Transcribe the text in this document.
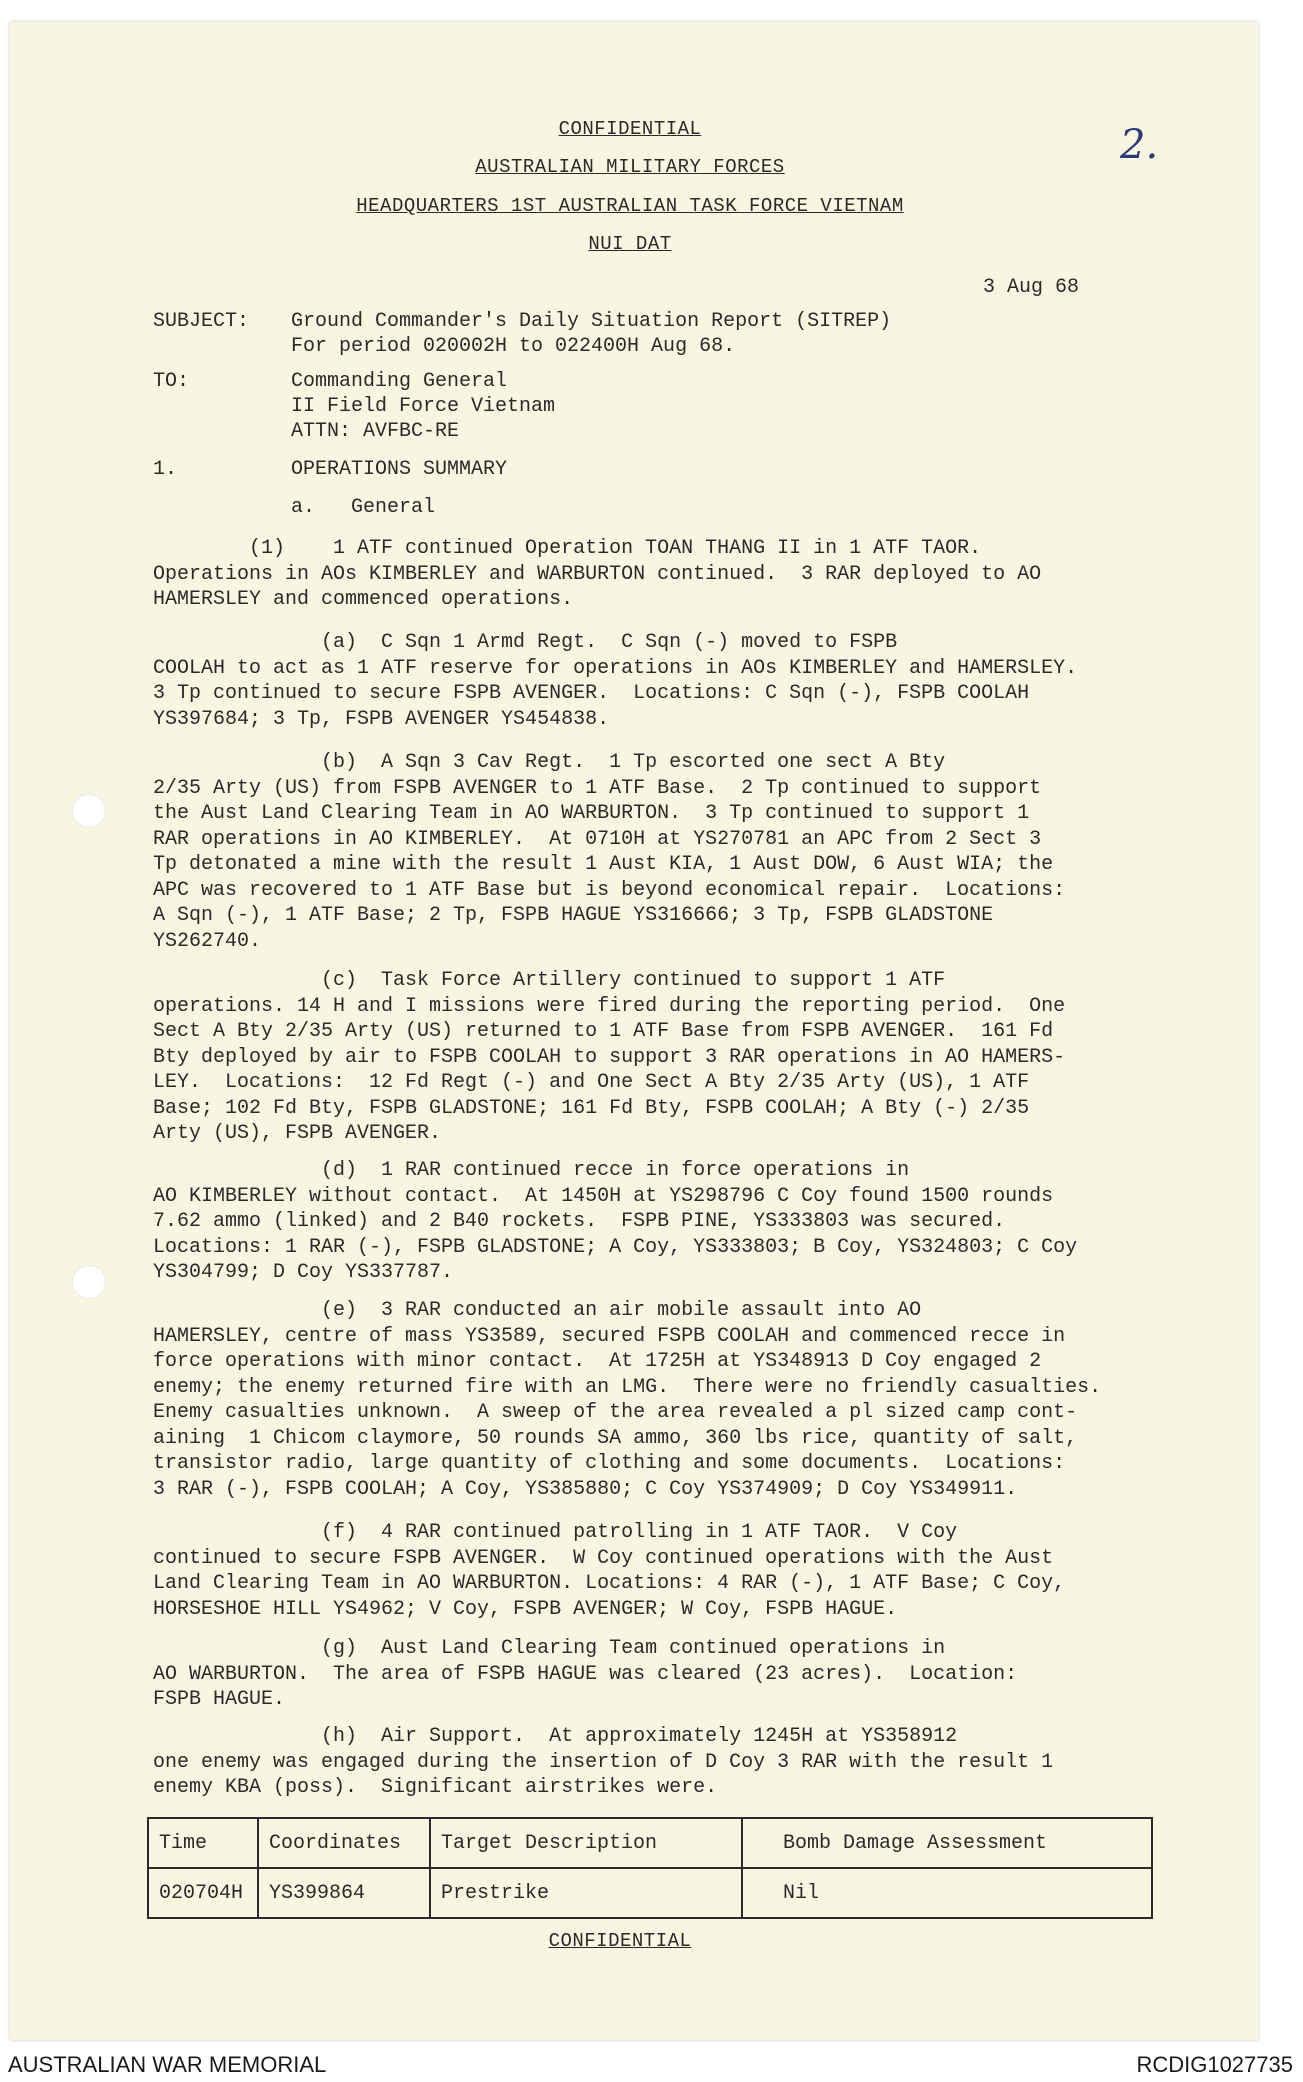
2.
CONFIDENTIAL
AUSTRALIAN MILITARY FORCES
HEADQUARTERS 1ST AUSTRALIAN TASK FORCE VIETNAM
NUI DAT
3 Aug 68
SUBJECT: Ground Commander's Daily Situation Report (SITREP)
For period 020002H to 022400H Aug 68.
TO:	Commanding General
II Field Force Vietnam
ATTN: AVFBC-RE
1.	OPERATIONS SUMMARY
a.   General
(1)    1 ATF continued Operation TOAN THANG II in 1 ATF TAOR.
Operations in AOs KIMBERLEY and WARBURTON continued.  3 RAR deployed to AO
HAMERSLEY and commenced operations.
(a)  C Sqn 1 Armd Regt.  C Sqn (-) moved to FSPB
COOLAH to act as 1 ATF reserve for operations in AOs KIMBERLEY and HAMERSLEY.
3 Tp continued to secure FSPB AVENGER.  Locations: C Sqn (-), FSPB COOLAH
YS397684; 3 Tp, FSPB AVENGER YS454838.
(b)  A Sqn 3 Cav Regt.  1 Tp escorted one sect A Bty
2/35 Arty (US) from FSPB AVENGER to 1 ATF Base.  2 Tp continued to support
the Aust Land Clearing Team in AO WARBURTON.  3 Tp continued to support 1
RAR operations in AO KIMBERLEY.  At 0710H at YS270781 an APC from 2 Sect 3
Tp detonated a mine with the result 1 Aust KIA, 1 Aust DOW, 6 Aust WIA; the
APC was recovered to 1 ATF Base but is beyond economical repair.  Locations:
A Sqn (-), 1 ATF Base; 2 Tp, FSPB HAGUE YS316666; 3 Tp, FSPB GLADSTONE
YS262740.
(c)  Task Force Artillery continued to support 1 ATF
operations. 14 H and I missions were fired during the reporting period.  One
Sect A Bty 2/35 Arty (US) returned to 1 ATF Base from FSPB AVENGER.  161 Fd
Bty deployed by air to FSPB COOLAH to support 3 RAR operations in AO HAMERS-
LEY.  Locations:  12 Fd Regt (-) and One Sect A Bty 2/35 Arty (US), 1 ATF
Base; 102 Fd Bty, FSPB GLADSTONE; 161 Fd Bty, FSPB COOLAH; A Bty (-) 2/35
Arty (US), FSPB AVENGER.
(d)  1 RAR continued recce in force operations in
AO KIMBERLEY without contact.  At 1450H at YS298796 C Coy found 1500 rounds
7.62 ammo (linked) and 2 B40 rockets.  FSPB PINE, YS333803 was secured.
Locations: 1 RAR (-), FSPB GLADSTONE; A Coy, YS333803; B Coy, YS324803; C Coy
YS304799; D Coy YS337787.
(e)  3 RAR conducted an air mobile assault into AO
HAMERSLEY, centre of mass YS3589, secured FSPB COOLAH and commenced recce in
force operations with minor contact.  At 1725H at YS348913 D Coy engaged 2
enemy; the enemy returned fire with an LMG.  There were no friendly casualties.
Enemy casualties unknown.  A sweep of the area revealed a pl sized camp cont-
aining  1 Chicom claymore, 50 rounds SA ammo, 360 lbs rice, quantity of salt,
transistor radio, large quantity of clothing and some documents.  Locations:
3 RAR (-), FSPB COOLAH; A Coy, YS385880; C Coy YS374909; D Coy YS349911.
(f)  4 RAR continued patrolling in 1 ATF TAOR.  V Coy
continued to secure FSPB AVENGER.  W Coy continued operations with the Aust
Land Clearing Team in AO WARBURTON. Locations: 4 RAR (-), 1 ATF Base; C Coy,
HORSESHOE HILL YS4962; V Coy, FSPB AVENGER; W Coy, FSPB HAGUE.
(g)  Aust Land Clearing Team continued operations in
AO WARBURTON.  The area of FSPB HAGUE was cleared (23 acres).  Location:
FSPB HAGUE.
(h)  Air Support.  At approximately 1245H at YS358912
one enemy was engaged during the insertion of D Coy 3 RAR with the result 1
enemy KBA (poss).  Significant airstrikes were.
Time	Coordinates	Target Description	Bomb Damage Assessment
020704H	YS399864	Prestrike	Nil
CONFIDENTIAL
AUSTRALIAN WAR MEMORIAL	RCDIG1027735
